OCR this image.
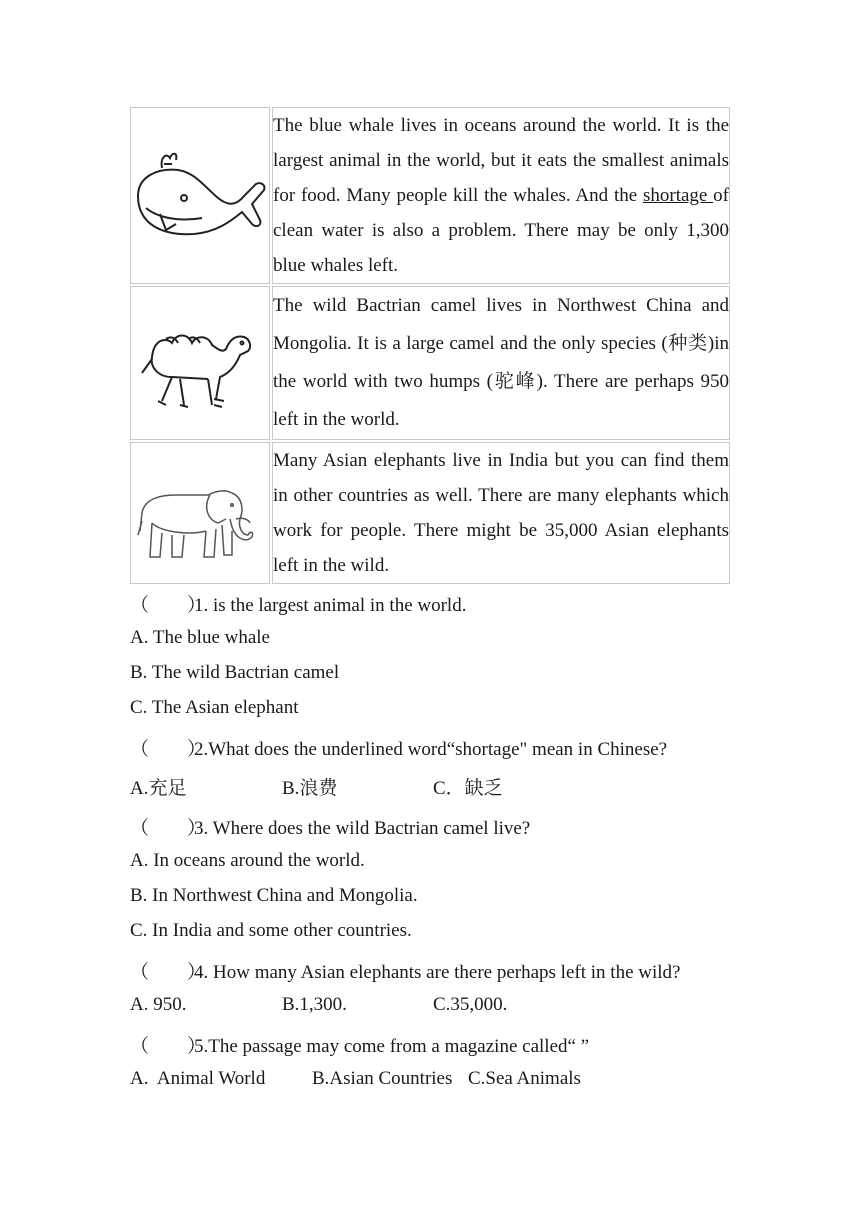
	The blue whale lives in oceans around the world. It is the largest animal in the world, but it eats the smallest animals for food. Many people kill the whales. And the shortage of clean water is also a problem. There may be only 1,300 blue whales left.

	The wild Bactrian camel lives in Northwest China and Mongolia. It is a large camel and the only species (种类)in the world with two humps (驼峰). There are perhaps 950 left in the world.

	Many Asian elephants live in India but you can find them in other countries as well. There are many elephants which work for people. There might be 35,000 Asian elephants left in the wild.
（　　）1. is the largest animal in the world.
A. The blue whale
B. The wild Bactrian camel
C. The Asian elephant
（　　）2.What does the underlined word“shortage" mean in Chinese?
A.充足	B.浪费	C．缺乏
（　　）3. Where does the wild Bactrian camel live?
A. In oceans around the world.
B. In Northwest China and Mongolia.
C. In India and some other countries.
（　　）4. How many Asian elephants are there perhaps left in the wild?
A. 950.	B.1,300.	C.35,000.
（　　）5.The passage may come from a magazine called“ ”
A.  Animal World B.Asian Countries C.Sea Animals
